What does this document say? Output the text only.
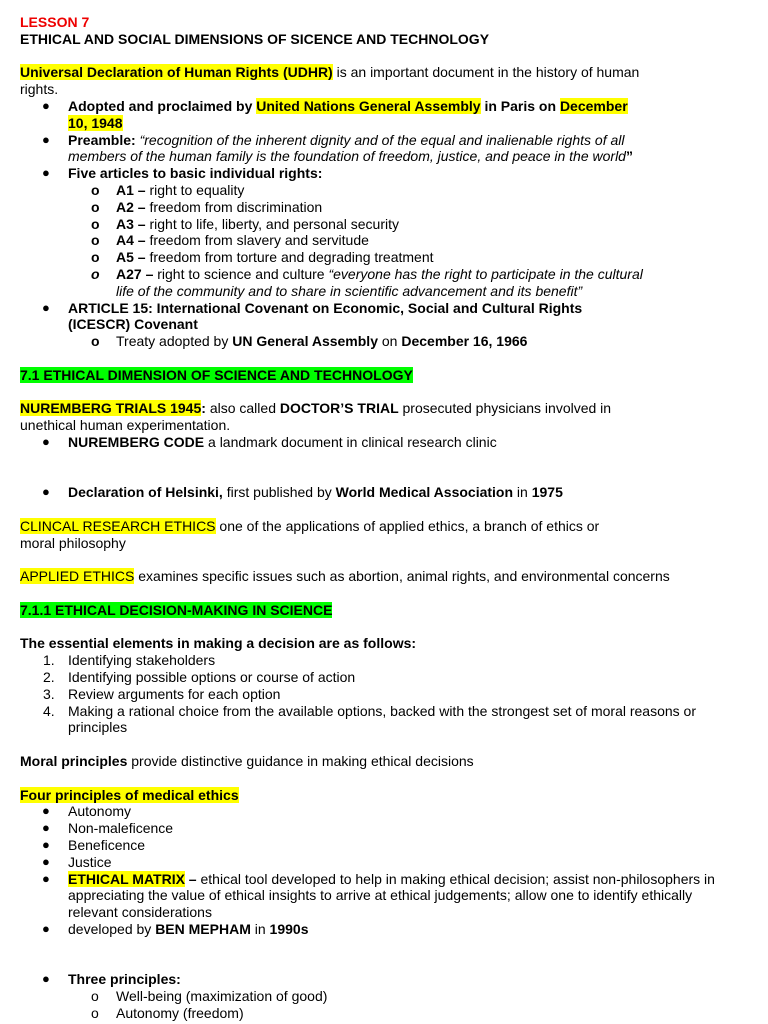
LESSON 7
ETHICAL AND SOCIAL DIMENSIONS OF SICENCE AND TECHNOLOGY
Universal Declaration of Human Rights (UDHR) is an important document in the history of human
rights.
● Adopted and proclaimed by United Nations General Assembly in Paris on December
10, 1948
● Preamble: “recognition of the inherent dignity and of the equal and inalienable rights of all
members of the human family is the foundation of freedom, justice, and peace in the world”
● Five articles to basic individual rights:
o A1 – right to equality
o A2 – freedom from discrimination
o A3 – right to life, liberty, and personal security
o A4 – freedom from slavery and servitude
o A5 – freedom from torture and degrading treatment
o A27 – right to science and culture “everyone has the right to participate in the cultural
life of the community and to share in scientific advancement and its benefit”
● ARTICLE 15: International Covenant on Economic, Social and Cultural Rights
(ICESCR) Covenant
o Treaty adopted by UN General Assembly on December 16, 1966
7.1 ETHICAL DIMENSION OF SCIENCE AND TECHNOLOGY
NUREMBERG TRIALS 1945: also called DOCTOR’S TRIAL prosecuted physicians involved in
unethical human experimentation.
● NUREMBERG CODE a landmark document in clinical research clinic
● Declaration of Helsinki, first published by World Medical Association in 1975
CLINCAL RESEARCH ETHICS one of the applications of applied ethics, a branch of ethics or
moral philosophy
APPLIED ETHICS examines specific issues such as abortion, animal rights, and environmental concerns
7.1.1 ETHICAL DECISION-MAKING IN SCIENCE
The essential elements in making a decision are as follows:
1. Identifying stakeholders
2. Identifying possible options or course of action
3. Review arguments for each option
4. Making a rational choice from the available options, backed with the strongest set of moral reasons or
principles
Moral principles provide distinctive guidance in making ethical decisions
Four principles of medical ethics
● Autonomy
● Non-maleficence
● Beneficence
● Justice
● ETHICAL MATRIX – ethical tool developed to help in making ethical decision; assist non-philosophers in
appreciating the value of ethical insights to arrive at ethical judgements; allow one to identify ethically
relevant considerations
● developed by BEN MEPHAM in 1990s
● Three principles:
o Well-being (maximization of good)
o Autonomy (freedom)
